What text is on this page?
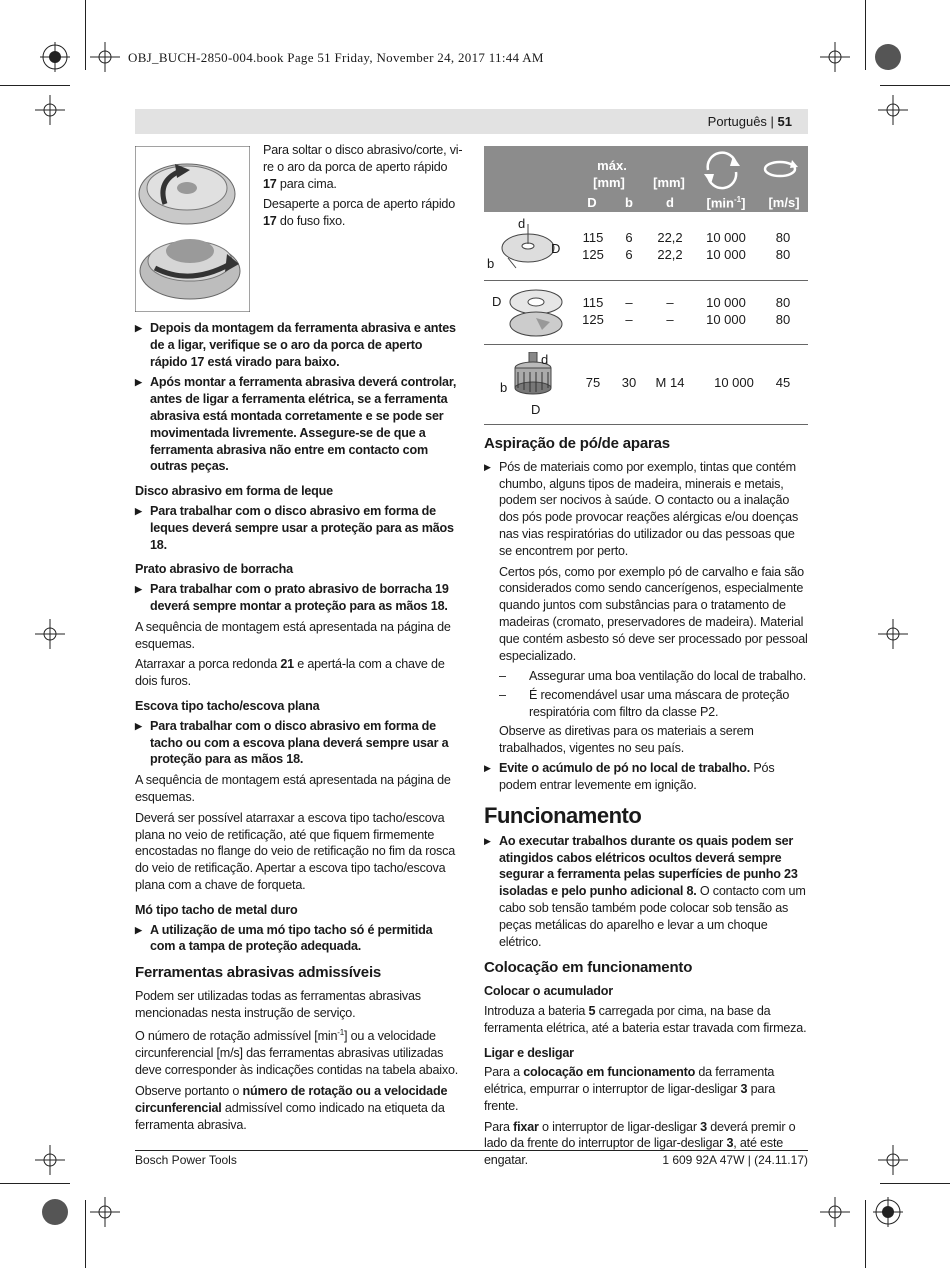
OBJ_BUCH-2850-004.book Page 51 Friday, November 24, 2017 11:44 AM
Português | 51

Para soltar o disco abrasivo/corte, vi-re o aro da porca de aperto rápido 17 para cima.

Desaperte a porca de aperto rápido 17 do fuso fixo.

▶ Depois da montagem da ferramenta abrasiva e antes de a ligar, verifique se o aro da porca de aperto rápido 17 está virado para baixo.
▶ Após montar a ferramenta abrasiva deverá controlar, antes de ligar a ferramenta elétrica, se a ferramenta abrasiva está montada corretamente e se pode ser movimentada livremente. Assegure-se de que a ferramenta abrasiva não entre em contacto com outras peças.
Disco abrasivo em forma de leque
▶ Para trabalhar com o disco abrasivo em forma de leques deverá sempre usar a proteção para as mãos 18.
Prato abrasivo de borracha
▶ Para trabalhar com o prato abrasivo de borracha 19 deverá sempre montar a proteção para as mãos 18.

A sequência de montagem está apresentada na página de esquemas.

Atarraxar a porca redonda 21 e apertá-la com a chave de dois furos.

Escova tipo tacho/escova plana
▶ Para trabalhar com o disco abrasivo em forma de tacho ou com a escova plana deverá sempre usar a proteção para as mãos 18.

A sequência de montagem está apresentada na página de esquemas.

Deverá ser possível atarraxar a escova tipo tacho/escova plana no veio de retificação, até que fiquem firmemente encostadas no flange do veio de retificação no fim da rosca do veio de retificação. Apertar a escova tipo tacho/escova plana com a chave de forqueta.

Mó tipo tacho de metal duro
▶ A utilização de uma mó tipo tacho só é permitida com a tampa de proteção adequada.
Ferramentas abrasivas admissíveis

Podem ser utilizadas todas as ferramentas abrasivas mencionadas nesta instrução de serviço.

O número de rotação admissível $[\min^{-1}]$ ou a velocidade circunferencial [m/s] das ferramentas abrasivas utilizadas deve corresponder às indicações contidas na tabela abaixo.

Observe portanto o número de rotação ou a velocidade circunferencial admissível como indicado na etiqueta da ferramenta abrasiva.

máx.
[mm]	[mm]
D	b	d	$[\min^{-1}]$	[m/s]
d
D
b
115	6	22,2	10 000	80
125	6	22,2	10 000	80
D	115	–	–	10 000	80
125	–	–	10 000	80
d
b
D
75	30	M 14	10 000	45
Aspiração de pó/de aparas
▶ Pós de materiais como por exemplo, tintas que contém chumbo, alguns tipos de madeira, minerais e metais, podem ser nocivos à saúde. O contacto ou a inalação dos pós pode provocar reações alérgicas e/ou doenças nas vias respiratórias do utilizador ou das pessoas que se encontrem por perto.

Certos pós, como por exemplo pó de carvalho e faia são considerados como sendo cancerígenos, especialmente quando juntos com substâncias para o tratamento de madeiras (cromato, preservadores de madeira). Material que contém asbesto só deve ser processado por pessoal especializado.

– Assegurar uma boa ventilação do local de trabalho.
– É recomendável usar uma máscara de proteção respiratória com filtro da classe P2.

Observe as diretivas para os materiais a serem trabalhados, vigentes no seu país.

▶ Evite o acúmulo de pó no local de trabalho. Pós podem entrar levemente em ignição.
Funcionamento
▶ Ao executar trabalhos durante os quais podem ser atingidos cabos elétricos ocultos deverá sempre segurar a ferramenta pelas superfícies de punho 23 isoladas e pelo punho adicional 8. O contacto com um cabo sob tensão também pode colocar sob tensão as peças metálicas do aparelho e levar a um choque elétrico.
Colocação em funcionamento
Colocar o acumulador

Introduza a bateria 5 carregada por cima, na base da ferramenta elétrica, até a bateria estar travada com firmeza.

Ligar e desligar

Para a colocação em funcionamento da ferramenta elétrica, empurrar o interruptor de ligar-desligar 3 para frente.

Para fixar o interruptor de ligar-desligar 3 deverá premir o lado da frente do interruptor de ligar-desligar 3, até este engatar.

Bosch Power Tools	1 609 92A 47W | (24.11.17)
